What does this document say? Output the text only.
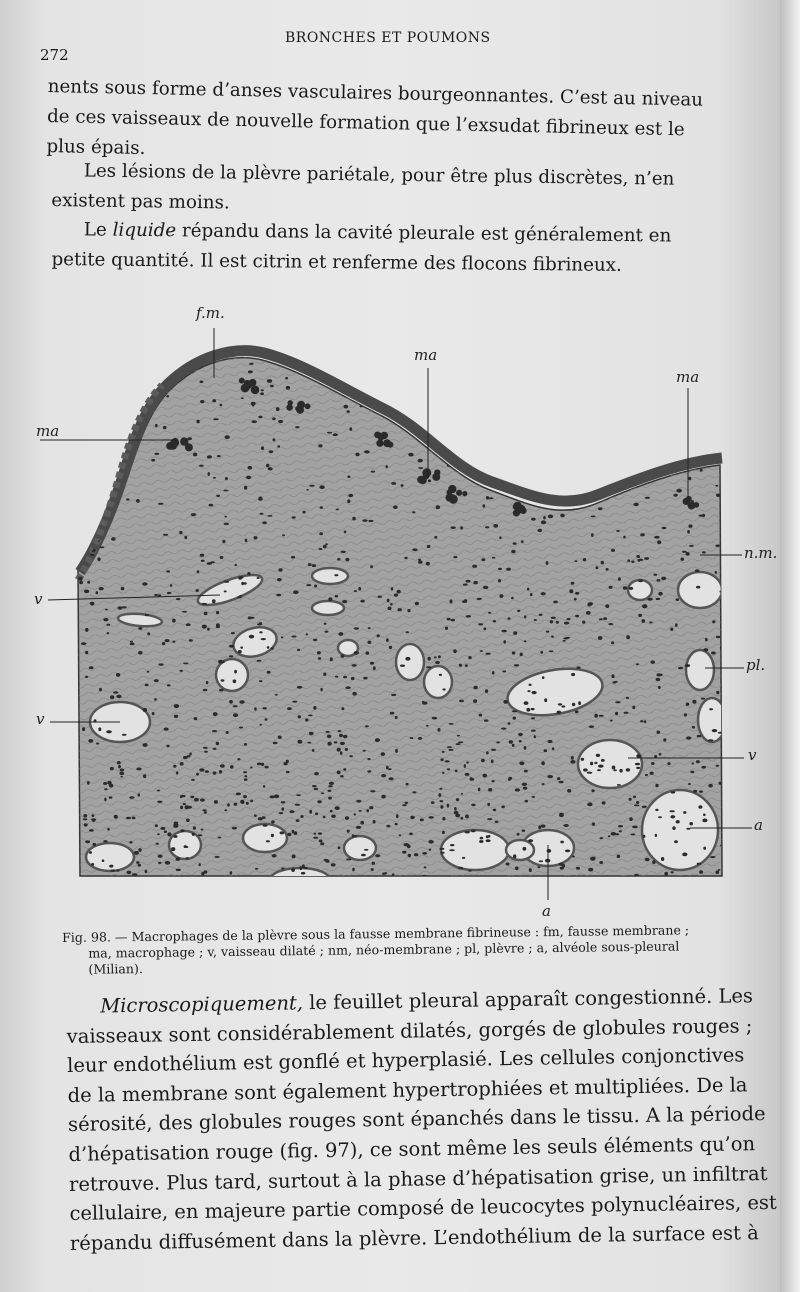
272
BRONCHES ET POUMONS

nents sous forme d’anses vasculaires bourgeonnantes. C’est au niveau
de ces vaisseaux de nouvelle formation que l’exsudat fibrineux est le
plus épais.

Les lésions de la plèvre pariétale, pour être plus discrètes, n’en
existent pas moins.

Le liquide répandu dans la cavité pleurale est généralement en
petite quantité. Il est citrin et renferme des flocons fibrineux.

f.m.
ma
ma
ma
n.m.
v
pl.
v
v
a
a
Fig. 98. — Macrophages de la plèvre sous la fausse membrane fibrineuse : fm, fausse membrane ;
ma, macrophage ; v, vaisseau dilaté ; nm, néo-membrane ; pl, plèvre ; a, alvéole sous-pleural
(Milian).

Microscopiquement, le feuillet pleural apparaît congestionné. Les
vaisseaux sont considérablement dilatés, gorgés de globules rouges ;
leur endothélium est gonflé et hyperplasié. Les cellules conjonctives
de la membrane sont également hypertrophiées et multipliées. De la
sérosité, des globules rouges sont épanchés dans le tissu. A la période
d’hépatisation rouge (fig. 97), ce sont même les seuls éléments qu’on
retrouve. Plus tard, surtout à la phase d’hépatisation grise, un infiltrat
cellulaire, en majeure partie composé de leucocytes polynucléaires, est
répandu diffusément dans la plèvre. L’endothélium de la surface est à
